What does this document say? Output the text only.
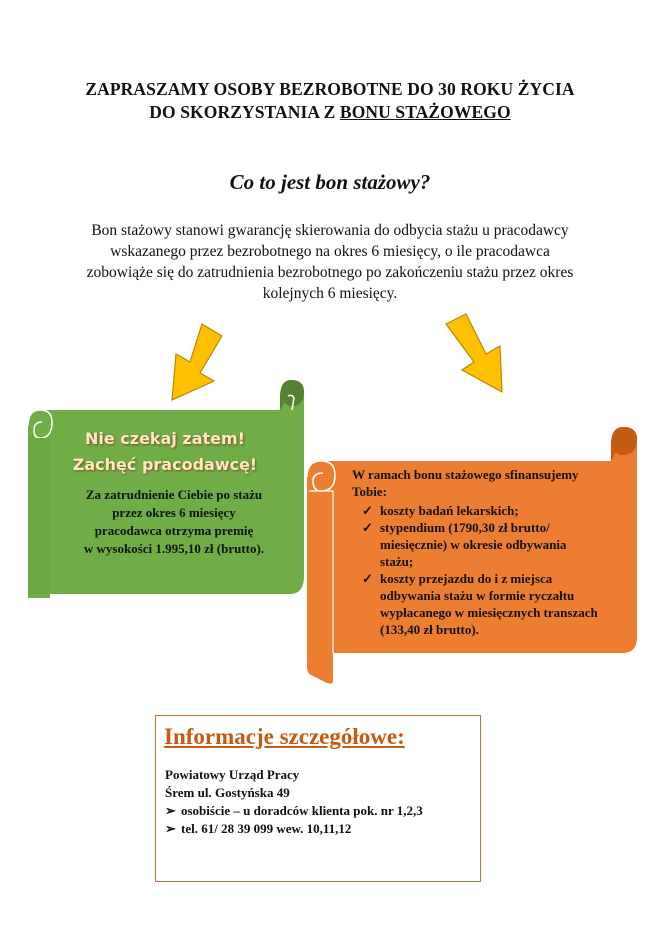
ZAPRASZAMY OSOBY BEZROBOTNE DO 30 ROKU ŻYCIA
DO SKORZYSTANIA Z BONU STAŻOWEGO
Co to jest bon stażowy?
Bon stażowy stanowi gwarancję skierowania do odbycia stażu u pracodawcy
wskazanego przez bezrobotnego na okres 6 miesięcy, o ile pracodawca
zobowiąże się do zatrudnienia bezrobotnego po zakończeniu stażu przez okres
kolejnych 6 miesięcy.
Nie czekaj zatem!
Zachęć pracodawcę!
Za zatrudnienie Ciebie po stażu
przez okres 6 miesięcy
pracodawca otrzyma premię
w wysokości 1.995,10 zł (brutto).
W ramach bonu stażowego sfinansujemy
Tobie:
✓ koszty badań lekarskich;
✓ stypendium (1790,30 zł brutto/
miesięcznie) w okresie odbywania
stażu;
✓ koszty przejazdu do i z miejsca
odbywania stażu w formie ryczałtu
wypłacanego w miesięcznych transzach
(133,40 zł brutto).
Informacje szczegółowe:
Powiatowy Urząd Pracy
Śrem ul. Gostyńska 49
➢ osobiście – u doradców klienta pok. nr 1,2,3
➢ tel. 61/ 28 39 099 wew. 10,11,12
